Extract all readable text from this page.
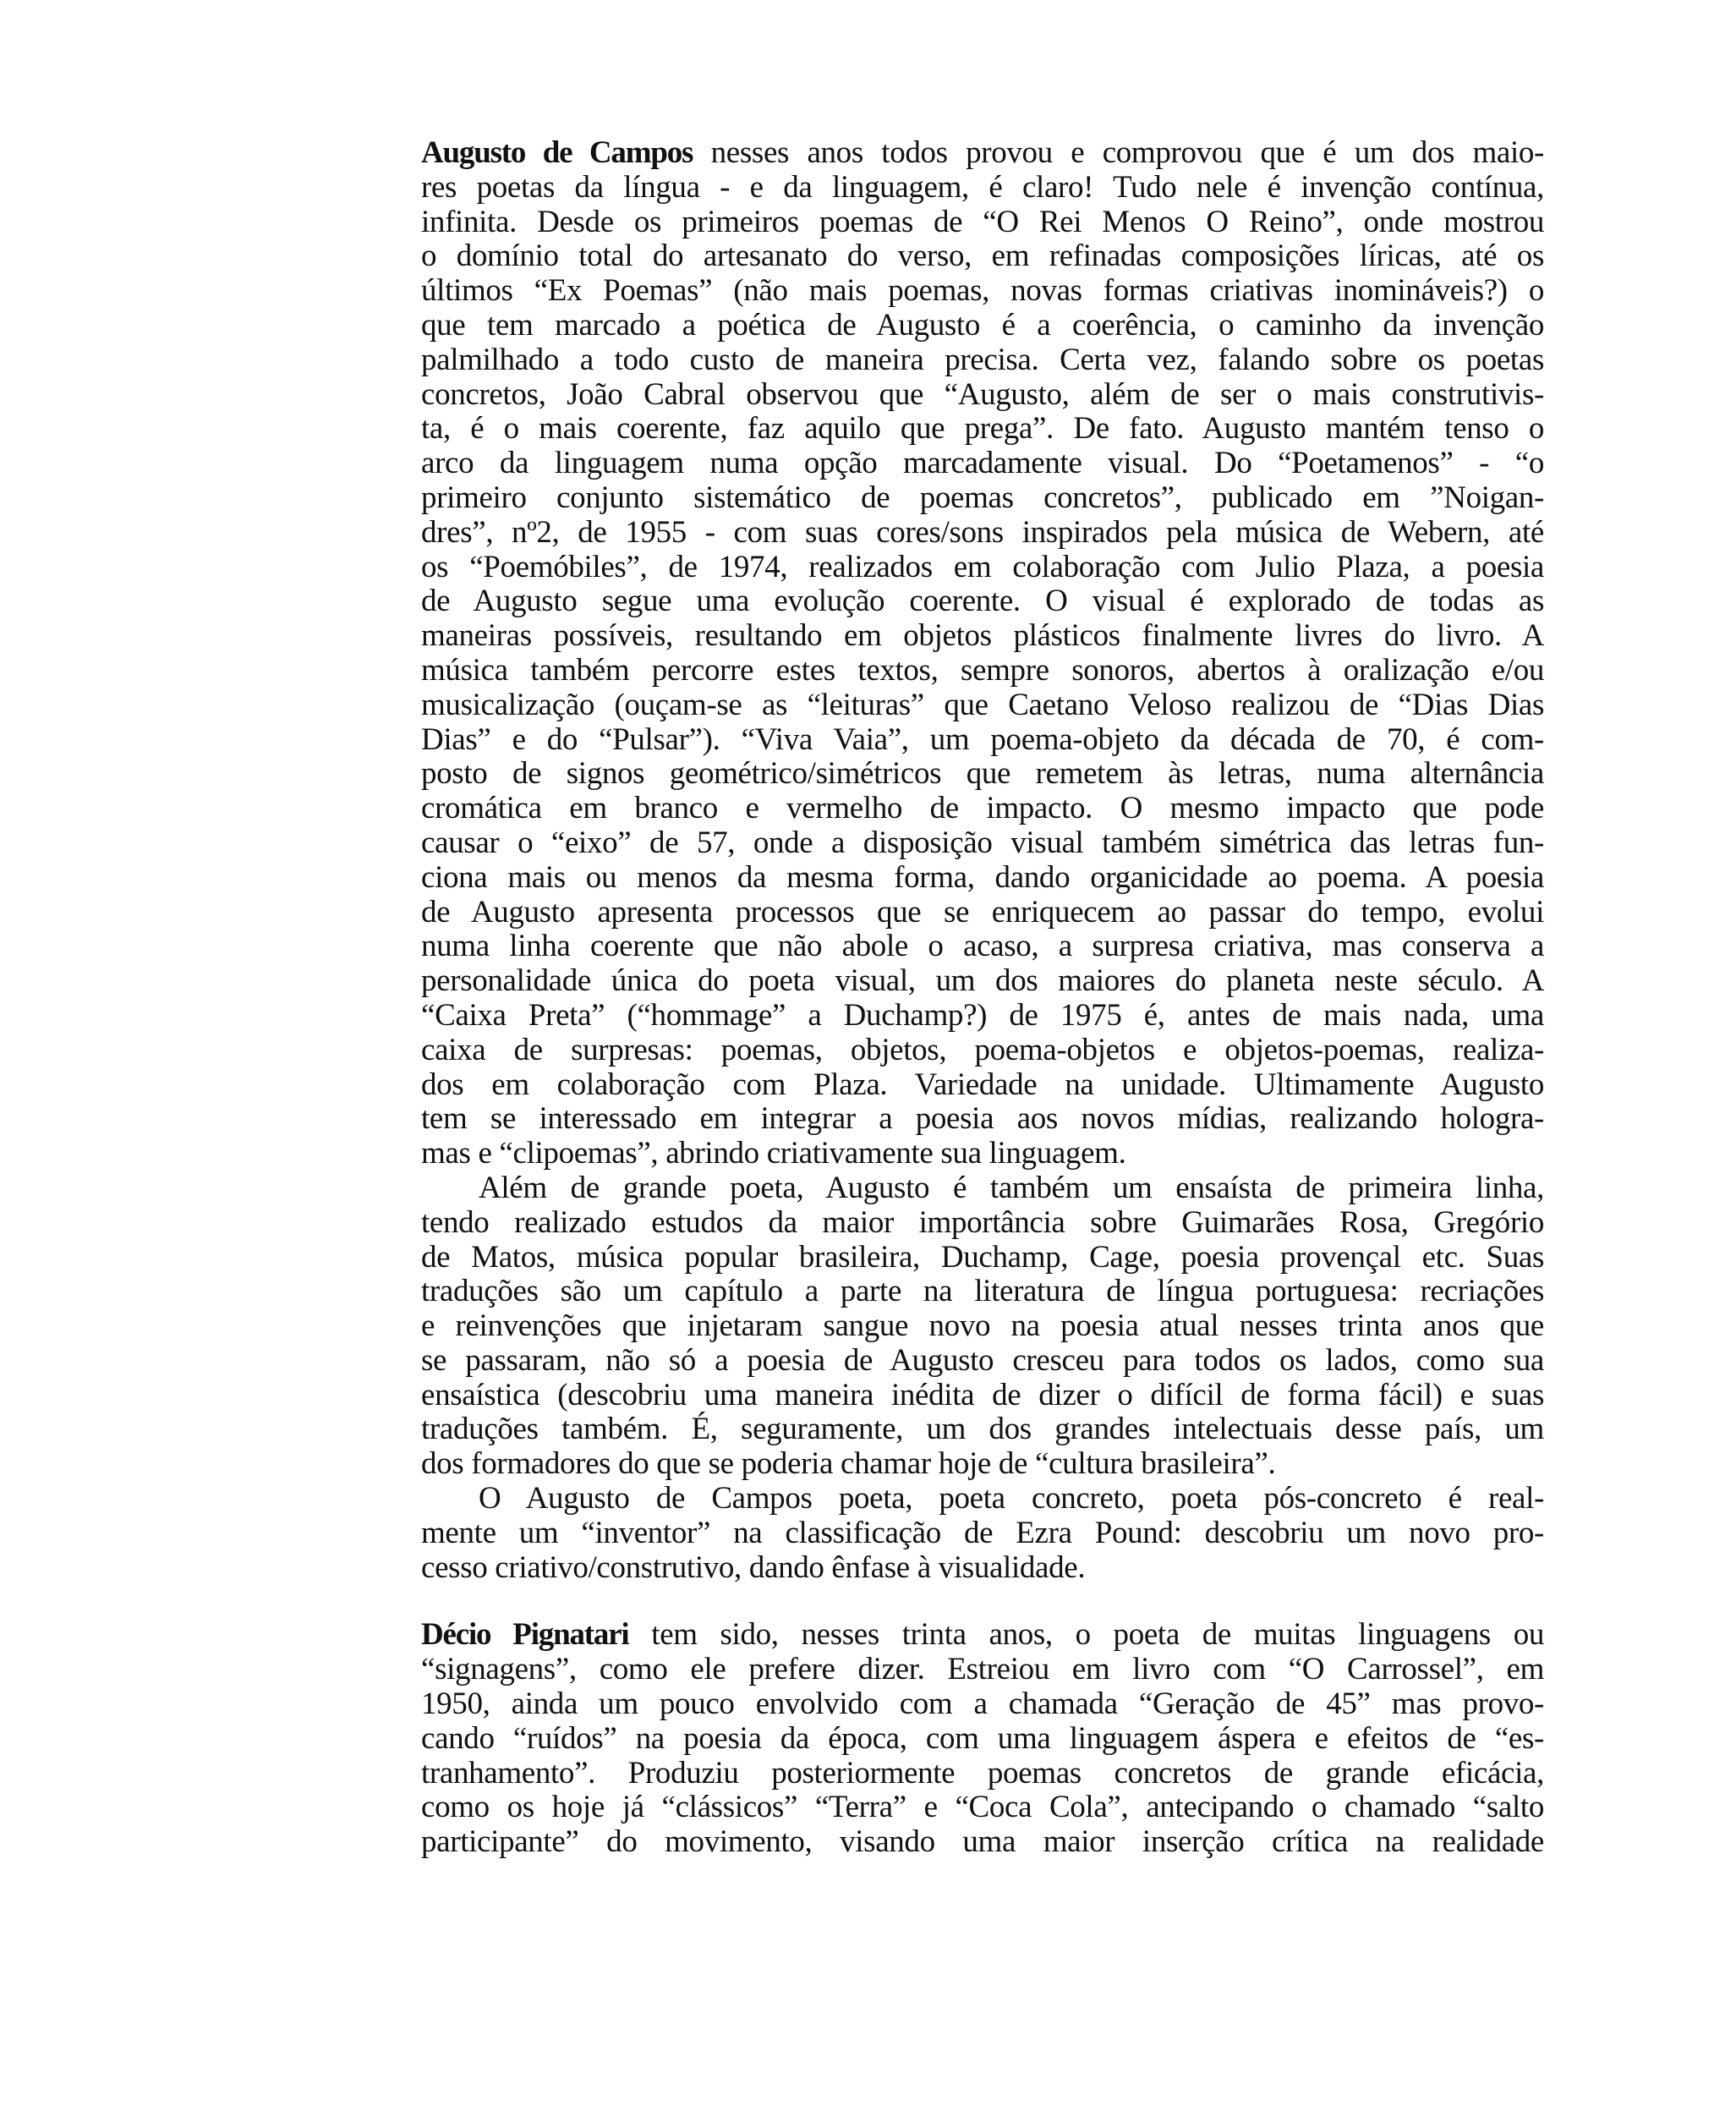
Augusto de Campos nesses anos todos provou e comprovou que é um dos maio-
res poetas da língua - e da linguagem, é claro! Tudo nele é invenção contínua,
infinita. Desde os primeiros poemas de “O Rei Menos O Reino”, onde mostrou
o domínio total do artesanato do verso, em refinadas composições líricas, até os
últimos “Ex Poemas” (não mais poemas, novas formas criativas inomináveis?) o
que tem marcado a poética de Augusto é a coerência, o caminho da invenção
palmilhado a todo custo de maneira precisa. Certa vez, falando sobre os poetas
concretos, João Cabral observou que “Augusto, além de ser o mais construtivis-
ta, é o mais coerente, faz aquilo que prega”. De fato. Augusto mantém tenso o
arco da linguagem numa opção marcadamente visual. Do “Poetamenos” - “o
primeiro conjunto sistemático de poemas concretos”, publicado em ”Noigan-
dres”, nº2, de 1955 - com suas cores/sons inspirados pela música de Webern, até
os “Poemóbiles”, de 1974, realizados em colaboração com Julio Plaza, a poesia
de Augusto segue uma evolução coerente. O visual é explorado de todas as
maneiras possíveis, resultando em objetos plásticos finalmente livres do livro. A
música também percorre estes textos, sempre sonoros, abertos à oralização e/ou
musicalização (ouçam-se as “leituras” que Caetano Veloso realizou de “Dias Dias
Dias” e do “Pulsar”). “Viva Vaia”, um poema-objeto da década de 70, é com-
posto de signos geométrico/simétricos que remetem às letras, numa alternância
cromática em branco e vermelho de impacto. O mesmo impacto que pode
causar o “eixo” de 57, onde a disposição visual também simétrica das letras fun-
ciona mais ou menos da mesma forma, dando organicidade ao poema. A poesia
de Augusto apresenta processos que se enriquecem ao passar do tempo, evolui
numa linha coerente que não abole o acaso, a surpresa criativa, mas conserva a
personalidade única do poeta visual, um dos maiores do planeta neste século. A
“Caixa Preta” (“hommage” a Duchamp?) de 1975 é, antes de mais nada, uma
caixa de surpresas: poemas, objetos, poema-objetos e objetos-poemas, realiza-
dos em colaboração com Plaza. Variedade na unidade. Ultimamente Augusto
tem se interessado em integrar a poesia aos novos mídias, realizando hologra-
mas e “clipoemas”, abrindo criativamente sua linguagem.
Além de grande poeta, Augusto é também um ensaísta de primeira linha,
tendo realizado estudos da maior importância sobre Guimarães Rosa, Gregório
de Matos, música popular brasileira, Duchamp, Cage, poesia provençal etc. Suas
traduções são um capítulo a parte na literatura de língua portuguesa: recriações
e reinvenções que injetaram sangue novo na poesia atual nesses trinta anos que
se passaram, não só a poesia de Augusto cresceu para todos os lados, como sua
ensaística (descobriu uma maneira inédita de dizer o difícil de forma fácil) e suas
traduções também. É, seguramente, um dos grandes intelectuais desse país, um
dos formadores do que se poderia chamar hoje de “cultura brasileira”.
O Augusto de Campos poeta, poeta concreto, poeta pós-concreto é real-
mente um “inventor” na classificação de Ezra Pound: descobriu um novo pro-
cesso criativo/construtivo, dando ênfase à visualidade.
Décio Pignatari tem sido, nesses trinta anos, o poeta de muitas linguagens ou
“signagens”, como ele prefere dizer. Estreiou em livro com “O Carrossel”, em
1950, ainda um pouco envolvido com a chamada “Geração de 45” mas provo-
cando “ruídos” na poesia da época, com uma linguagem áspera e efeitos de “es-
tranhamento”. Produziu posteriormente poemas concretos de grande eficácia,
como os hoje já “clássicos” “Terra” e “Coca Cola”, antecipando o chamado “salto
participante” do movimento, visando uma maior inserção crítica na realidade
